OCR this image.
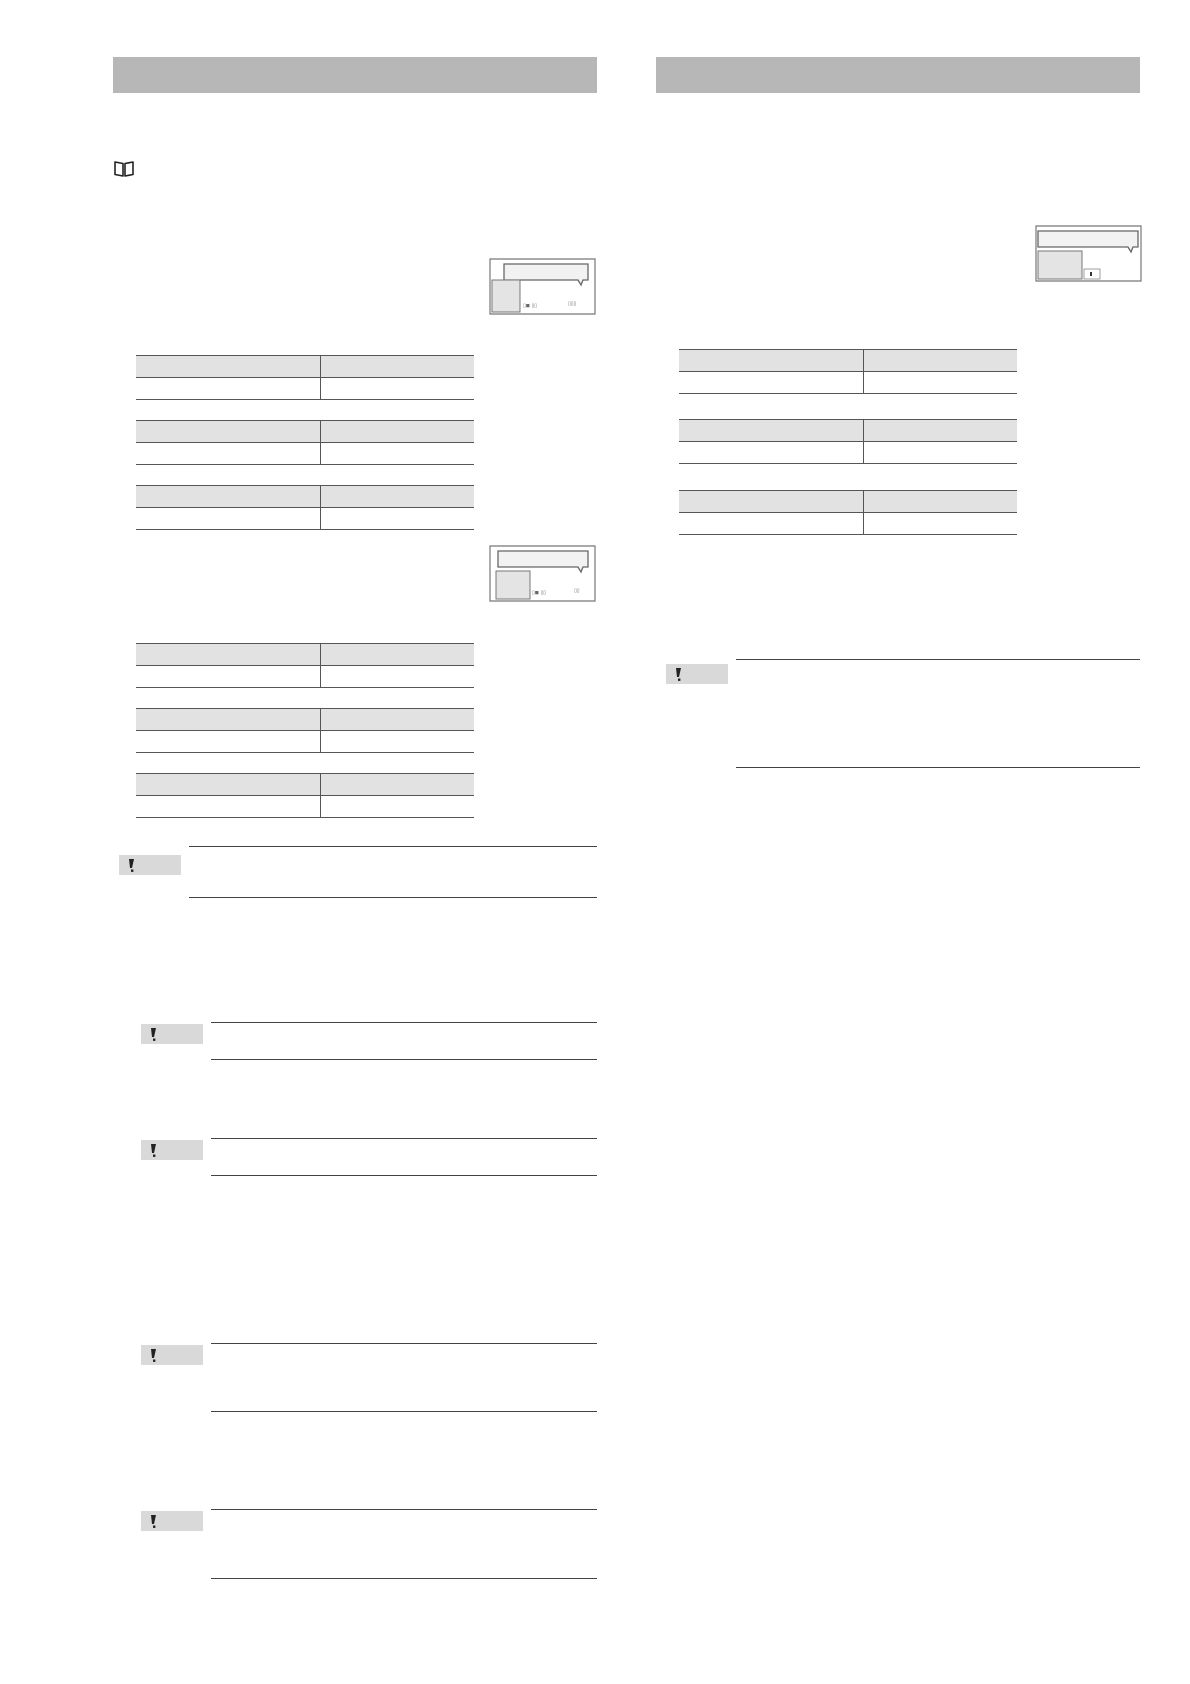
▯◼ ▯▯	▯▯▯

▯◼ ▯▯	▯▯
